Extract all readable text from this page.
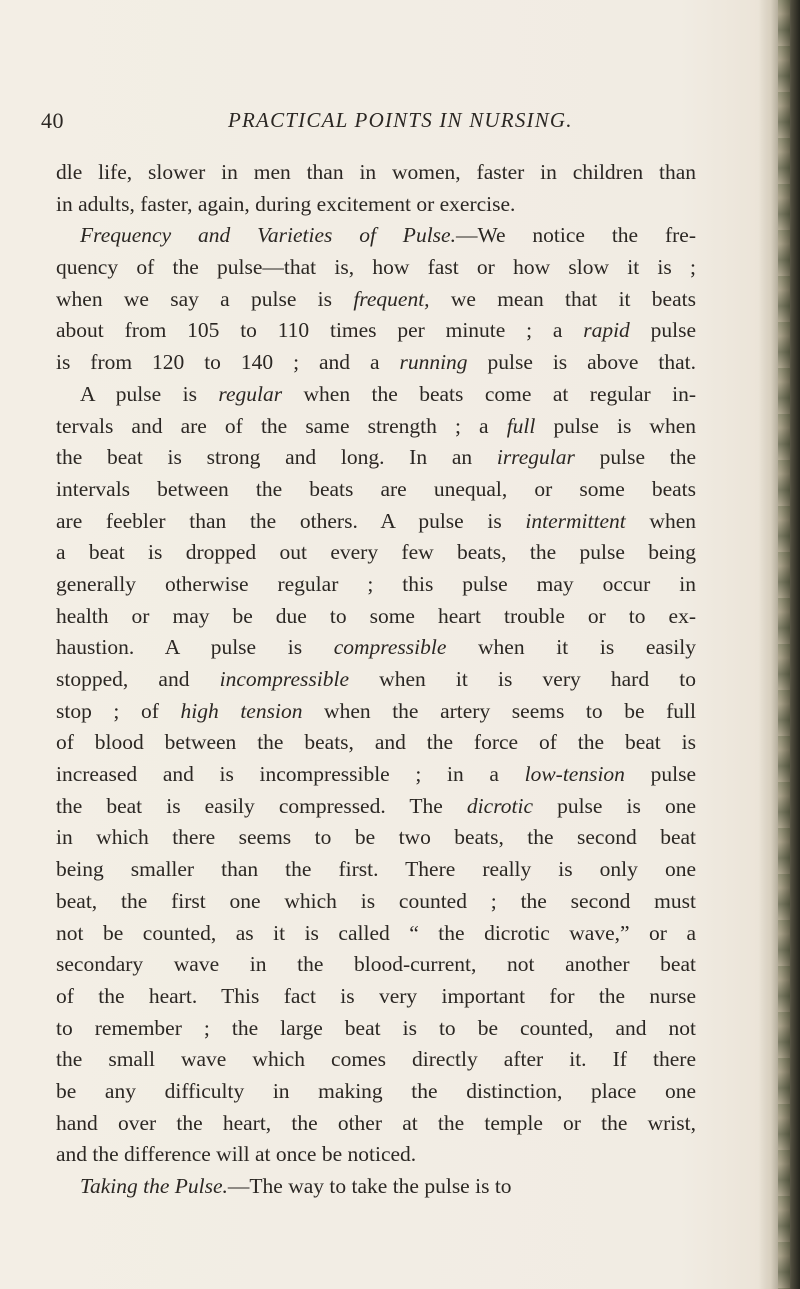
40	PRACTICAL POINTS IN NURSING.
dle life, slower in men than in women, faster in children than
in adults, faster, again, during excitement or exercise.
Frequency and Varieties of Pulse.—We notice the fre-
quency of the pulse—that is, how fast or how slow it is ;
when we say a pulse is frequent, we mean that it beats
about from 105 to 110 times per minute ; a rapid pulse
is from 120 to 140 ; and a running pulse is above that.
A pulse is regular when the beats come at regular in-
tervals and are of the same strength ; a full pulse is when
the beat is strong and long. In an irregular pulse the
intervals between the beats are unequal, or some beats
are feebler than the others. A pulse is intermittent when
a beat is dropped out every few beats, the pulse being
generally otherwise regular ; this pulse may occur in
health or may be due to some heart trouble or to ex-
haustion. A pulse is compressible when it is easily
stopped, and incompressible when it is very hard to
stop ; of high tension when the artery seems to be full
of blood between the beats, and the force of the beat is
increased and is incompressible ; in a low-tension pulse
the beat is easily compressed. The dicrotic pulse is one
in which there seems to be two beats, the second beat
being smaller than the first. There really is only one
beat, the first one which is counted ; the second must
not be counted, as it is called “ the dicrotic wave,” or a
secondary wave in the blood-current, not another beat
of the heart. This fact is very important for the nurse
to remember ; the large beat is to be counted, and not
the small wave which comes directly after it. If there
be any difficulty in making the distinction, place one
hand over the heart, the other at the temple or the wrist,
and the difference will at once be noticed.
Taking the Pulse.—The way to take the pulse is to
